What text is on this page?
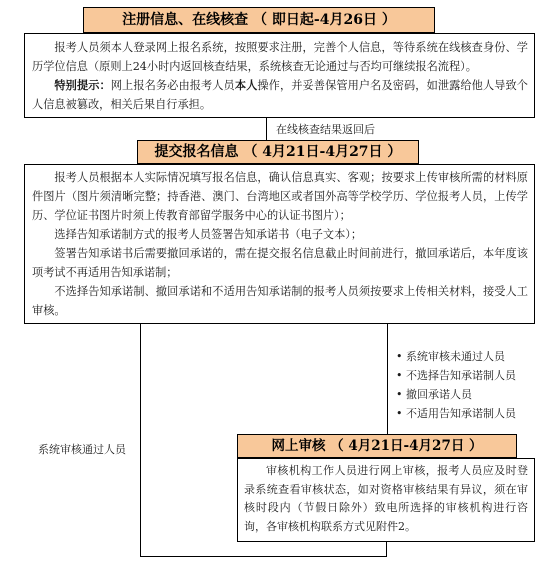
注册信息、在线核查 （ 即日起-4月26日 ）

报考人员须本人登录网上报名系统，按照要求注册，完善个人信息，等待系统在线核查身份、学历学位信息（原则上24小时内返回核查结果，系统核查无论通过与否均可继续报名流程）。

特别提示：网上报名务必由报考人员本人操作，并妥善保管用户名及密码，如泄露给他人导致个人信息被篡改，相关后果自行承担。

在线核查结果返回后
提交报名信息 （ 4月21日-4月27日 ）

报考人员根据本人实际情况填写报名信息，确认信息真实、客观；按要求上传审核所需的材料原件图片（图片须清晰完整；持香港、澳门、台湾地区或者国外高等学校学历、学位报考人员，上传学历、学位证书图片时须上传教育部留学服务中心的认证书图片）；

选择告知承诺制方式的报考人员签署告知承诺书（电子文本）；

签署告知承诺书后需要撤回承诺的，需在提交报名信息截止时间前进行，撤回承诺后，本年度该项考试不再适用告知承诺制；

不选择告知承诺制、撤回承诺和不适用告知承诺制的报考人员须按要求上传相关材料，接受人工审核。

系统审核通过人员
• 系统审核未通过人员
• 不选择告知承诺制人员
• 撤回承诺人员
• 不适用告知承诺制人员
网上审核 （ 4月21日-4月27日 ）

审核机构工作人员进行网上审核，报考人员应及时登录系统查看审核状态，如对资格审核结果有异议，须在审核时段内（节假日除外）致电所选择的审核机构进行咨询，各审核机构联系方式见附件2。
